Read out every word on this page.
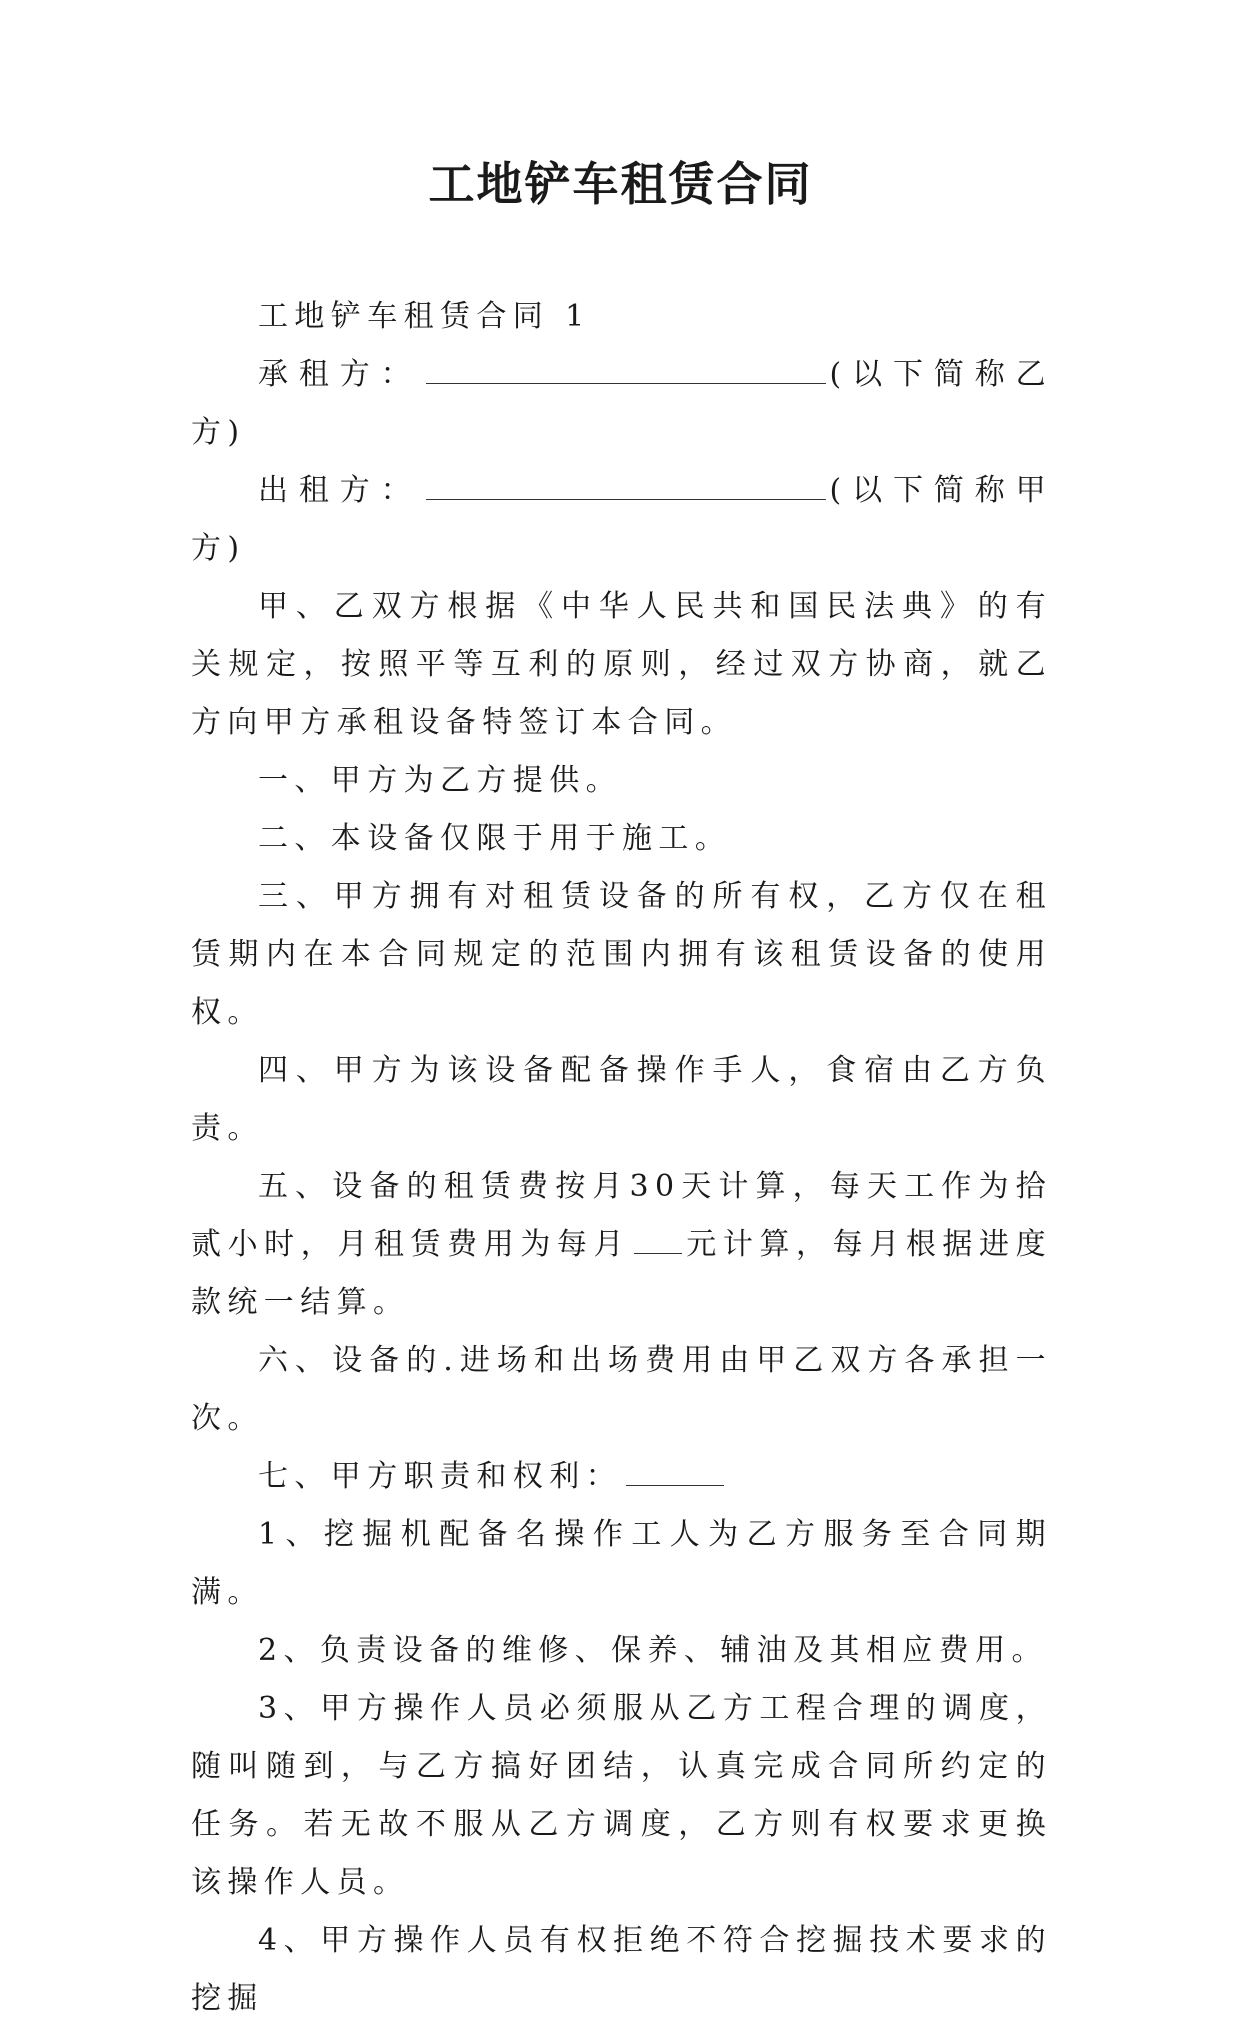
工地铲车租赁合同

工地铲车租赁合同 1

承租方：	(以下简称乙方)

出租方：	(以下简称甲方)

甲、乙双方根据《中华人民共和国民法典》的有关规定，按照平等互利的原则，经过双方协商，就乙方向甲方承租设备特签订本合同。

一、甲方为乙方提供。

二、本设备仅限于用于施工。

三、甲方拥有对租赁设备的所有权，乙方仅在租赁期内在本合同规定的范围内拥有该租赁设备的使用权。

四、甲方为该设备配备操作手人，食宿由乙方负责。

五、设备的租赁费按月30天计算，每天工作为拾贰小时，月租赁费用为每月 元计算，每月根据进度款统一结算。

六、设备的.进场和出场费用由甲乙双方各承担一次。

七、甲方职责和权利：

1、挖掘机配备名操作工人为乙方服务至合同期满。

2、负责设备的维修、保养、辅油及其相应费用。

3、甲方操作人员必须服从乙方工程合理的调度，随叫随到，与乙方搞好团结，认真完成合同所约定的任务。若无故不服从乙方调度，乙方则有权要求更换该操作人员。

4、甲方操作人员有权拒绝不符合挖掘技术要求的挖掘
